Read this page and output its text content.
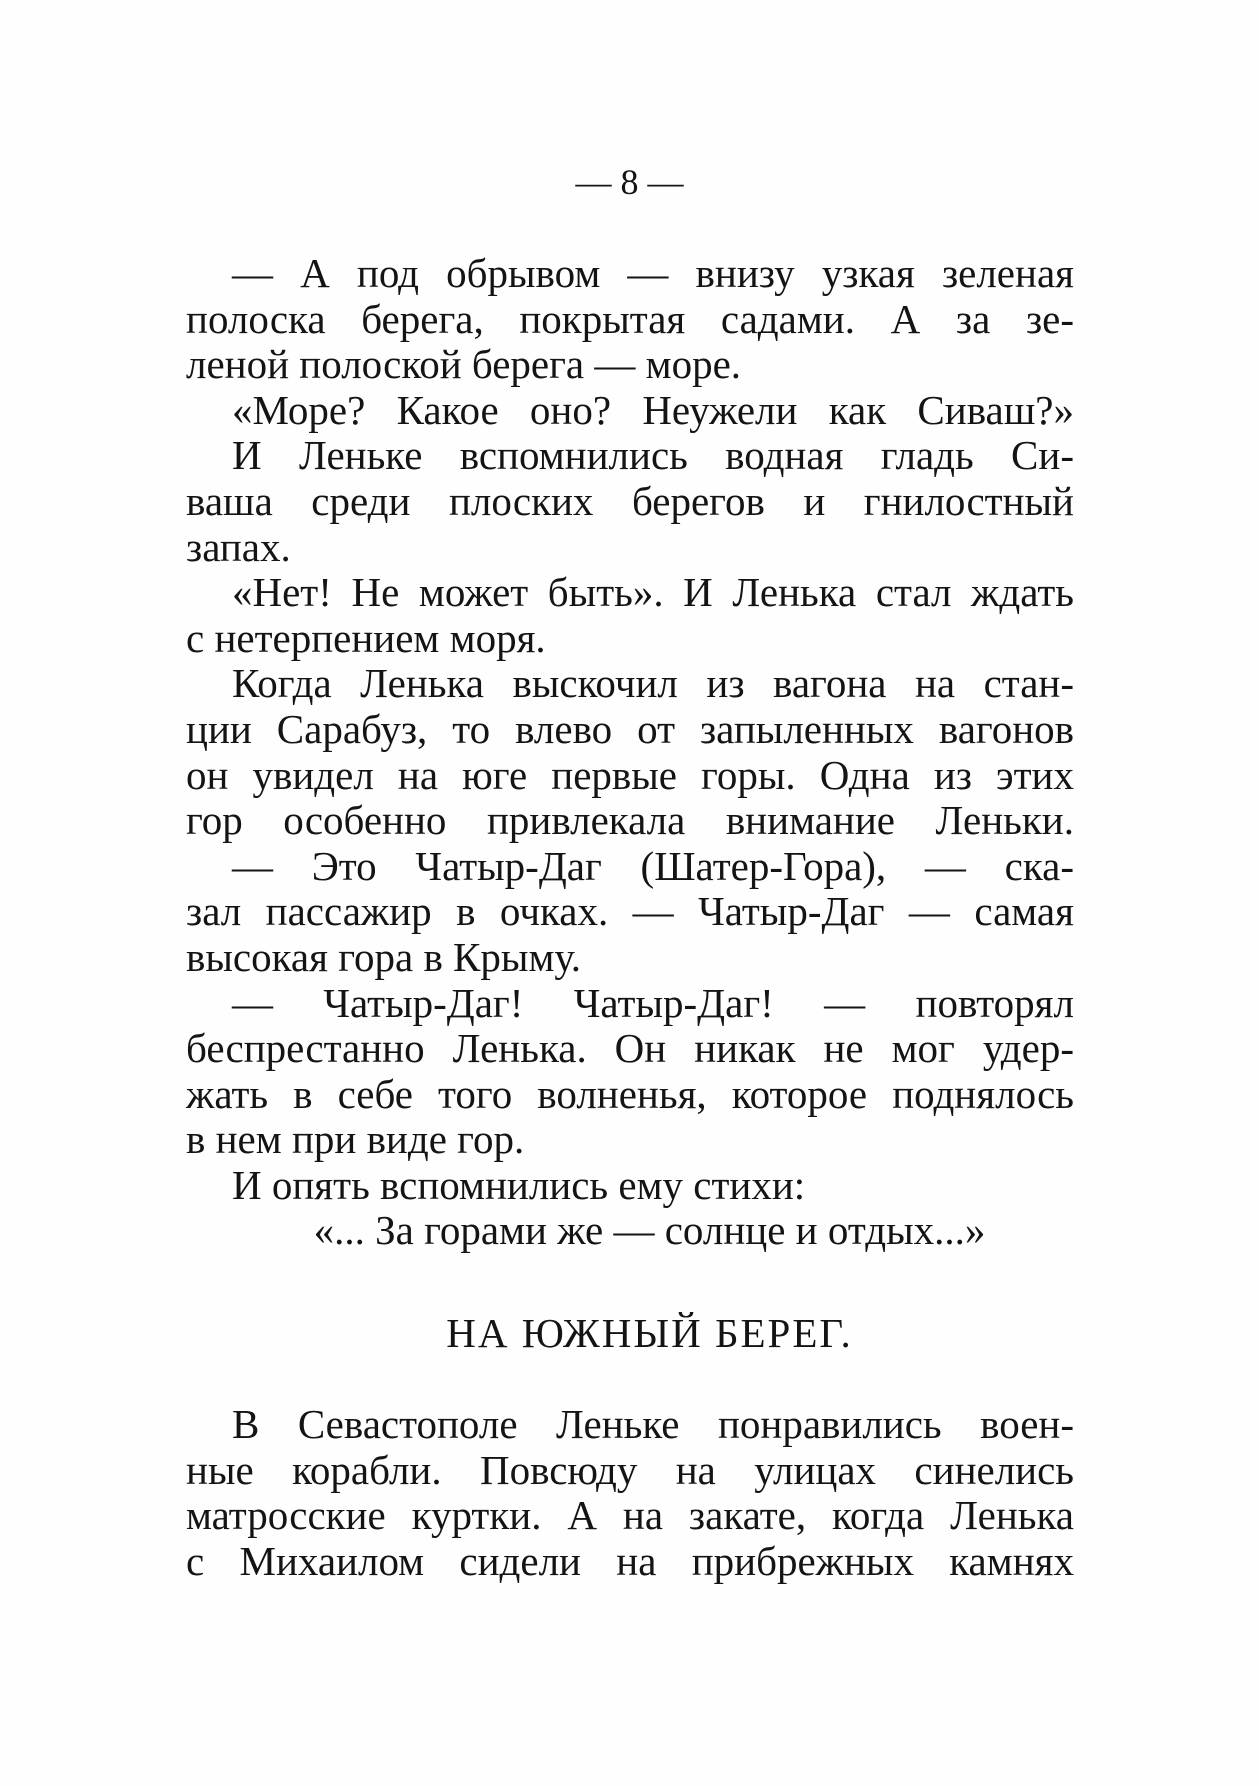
— 8 —
— А под обрывом — внизу узкая зеленая
полоска берега, покрытая садами. А за зе-
леной полоской берега — море.
«Море? Какое оно? Неужели как Сиваш?»
И Леньке вспомнились водная гладь Си-
ваша среди плоских берегов и гнилостный
запах.
«Нет! Не может быть». И Ленька стал ждать
с нетерпением моря.
Когда Ленька выскочил из вагона на стан-
ции Сарабуз, то влево от запыленных вагонов
он увидел на юге первые горы. Одна из этих
гор особенно привлекала внимание Леньки.
— Это Чатыр-Даг (Шатер-Гора), — ска-
зал пассажир в очках. — Чатыр-Даг — самая
высокая гора в Крыму.
— Чатыр-Даг! Чатыр-Даг! — повторял
беспрестанно Ленька. Он никак не мог удер-
жать в себе того волненья, которое поднялось
в нем при виде гор.
И опять вспомнились ему стихи:
«... За горами же — солнце и отдых...»
НА ЮЖНЫЙ БЕРЕГ.
В Севастополе Леньке понравились воен-
ные корабли. Повсюду на улицах синелись
матросские куртки. А на закате, когда Ленька
с Михаилом сидели на прибрежных камнях
